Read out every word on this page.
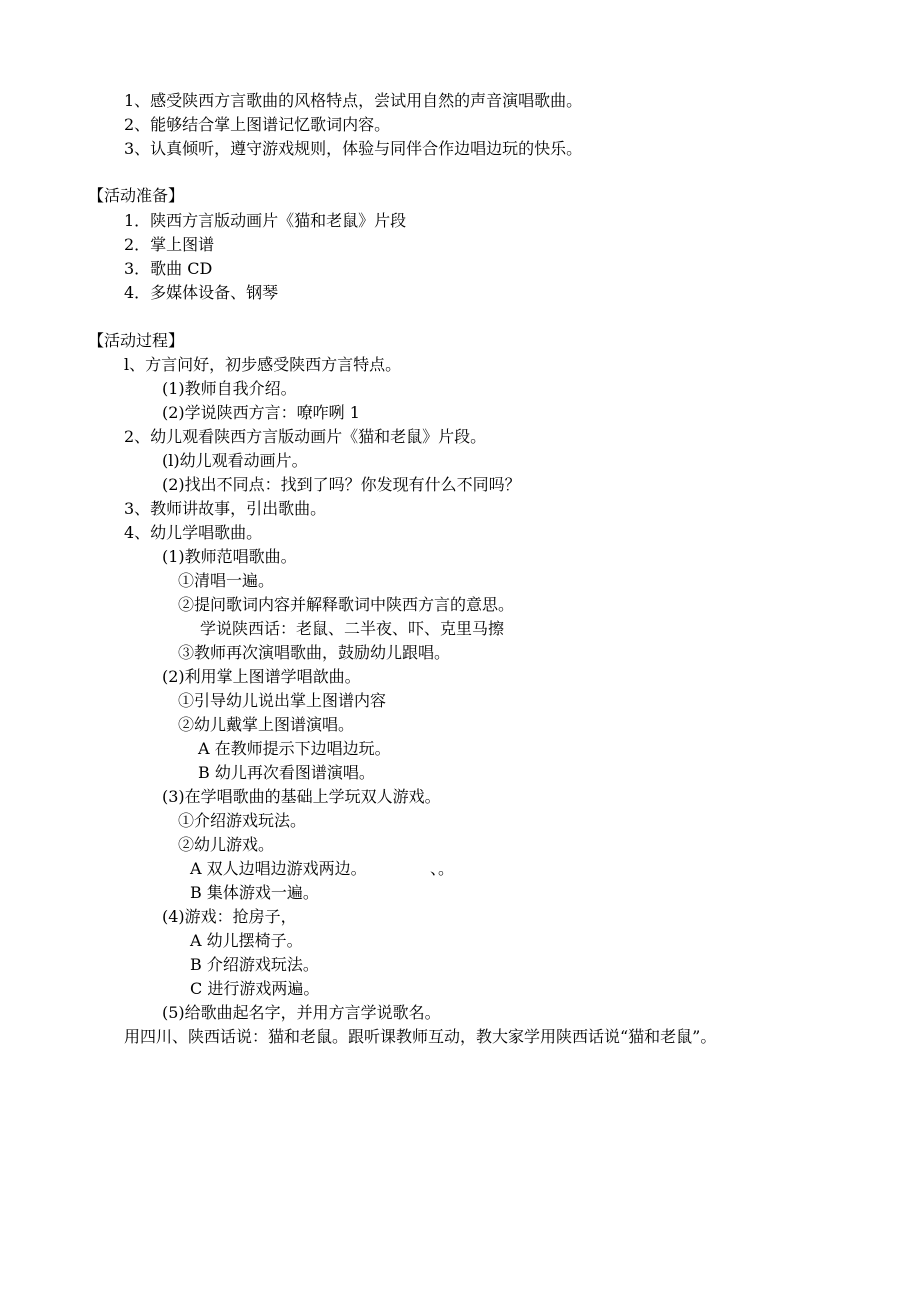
1、感受陕西方言歌曲的风格特点，尝试用自然的声音演唱歌曲。
2、能够结合掌上图谱记忆歌词内容。
3、认真倾听，遵守游戏规则，体验与同伴合作边唱边玩的快乐。
【活动准备】
1．陕西方言版动画片《猫和老鼠》片段
2．掌上图谱
3．歌曲 CD
4．多媒体设备、钢琴
【活动过程】
l、方言问好，初步感受陕西方言特点。
(1)教师自我介绍。
(2)学说陕西方言：嘹咋咧 1
2、幼儿观看陕西方言版动画片《猫和老鼠》片段。
(l)幼儿观看动画片。
(2)找出不同点：找到了吗？你发现有什么不同吗？
3、教师讲故事，引出歌曲。
4、幼儿学唱歌曲。
(1)教师范唱歌曲。
①清唱一遍。
②提问歌词内容并解释歌词中陕西方言的意思。
学说陕西话：老鼠、二半夜、吓、克里马擦
③教师再次演唱歌曲，鼓励幼儿跟唱。
(2)利用掌上图谱学唱歆曲。
①引导幼儿说出掌上图谱内容
②幼儿戴掌上图谱演唱。
A 在教师提示下边唱边玩。
B 幼儿再次看图谱演唱。
(3)在学唱歌曲的基础上学玩双人游戏。
①介绍游戏玩法。
②幼儿游戏。
A 双人边唱边游戏两边。	、。
B 集体游戏一遍。
(4)游戏：抢房子，
A 幼儿摆椅子。
B 介绍游戏玩法。
C 进行游戏两遍。
(5)给歌曲起名字，并用方言学说歌名。
用四川、陕西话说：猫和老鼠。跟听课教师互动，教大家学用陕西话说“猫和老鼠”。
